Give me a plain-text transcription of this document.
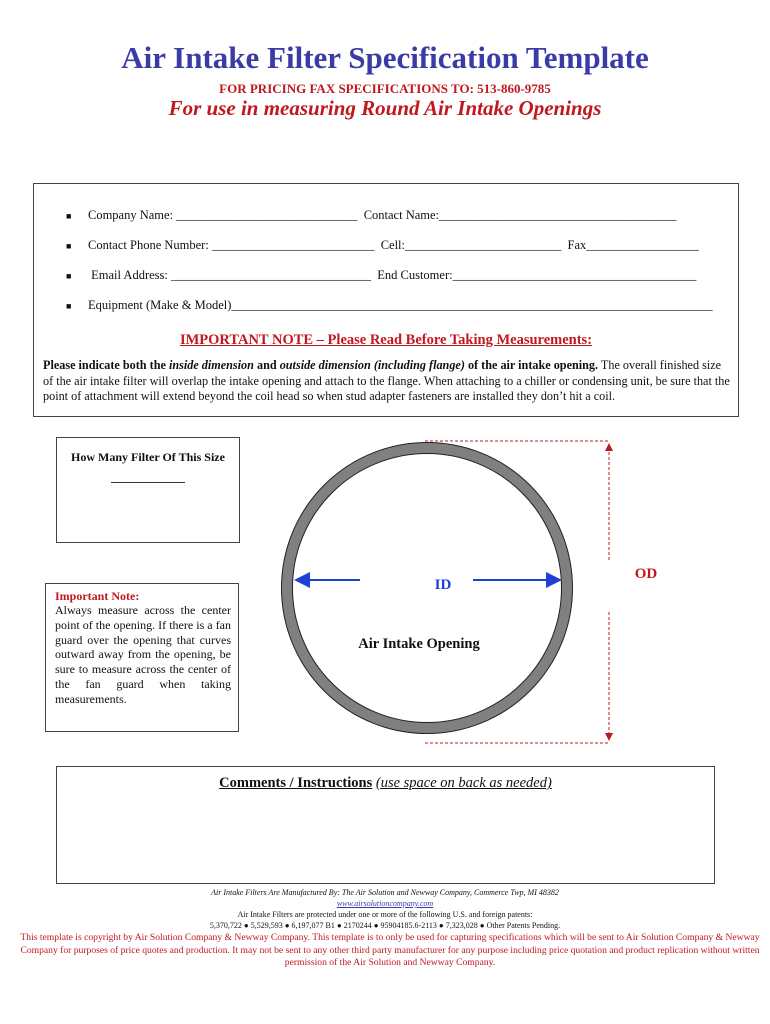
Air Intake Filter Specification Template
FOR PRICING FAX SPECIFICATIONS TO: 513-860-9785
For use in measuring Round Air Intake Openings
■ Company Name: _____________________________ Contact Name:______________________________________
■ Contact Phone Number: __________________________ Cell:_________________________ Fax__________________
■ Email Address: ________________________________ End Customer:_______________________________________
■ Equipment (Make & Model)_____________________________________________________________________________
IMPORTANT NOTE – Please Read Before Taking Measurements:
Please indicate both the inside dimension and outside dimension (including flange) of the air intake opening. The overall finished size of the air intake filter will overlap the intake opening and attach to the flange. When attaching to a chiller or condensing unit, be sure that the point of attachment will extend beyond the coil head so when stud adapter fasteners are installed they don’t hit a coil.
How Many Filter Of This Size
Important Note:
Always measure across the center point of the opening. If there is a fan guard over the opening that curves outward away from the opening, be sure to measure across the center of the fan guard when taking measurements.
ID
OD
Air Intake Opening
Comments / Instructions (use space on back as needed)
Air Intake Filters Are Manufactured By: The Air Solution and Newway Company, Commerce Twp, MI 48382
www.airsolutioncompany.com
Air Intake Filters are protected under one or more of the following U.S. and foreign patents:
5,370,722 ● 5,529,593 ● 6,197,077 B1 ● 2170244 ● 95904185.6-2113 ● 7,323,028 ● Other Patents Pending.
This template is copyright by Air Solution Company & Newway Company. This template is to only be used for capturing specifications which will be sent to Air Solution Company & Newway Company for purposes of price quotes and production. It may not be sent to any other third party manufacturer for any purpose including price quotation and product replication without written permission of the Air Solution and Newway Company.
